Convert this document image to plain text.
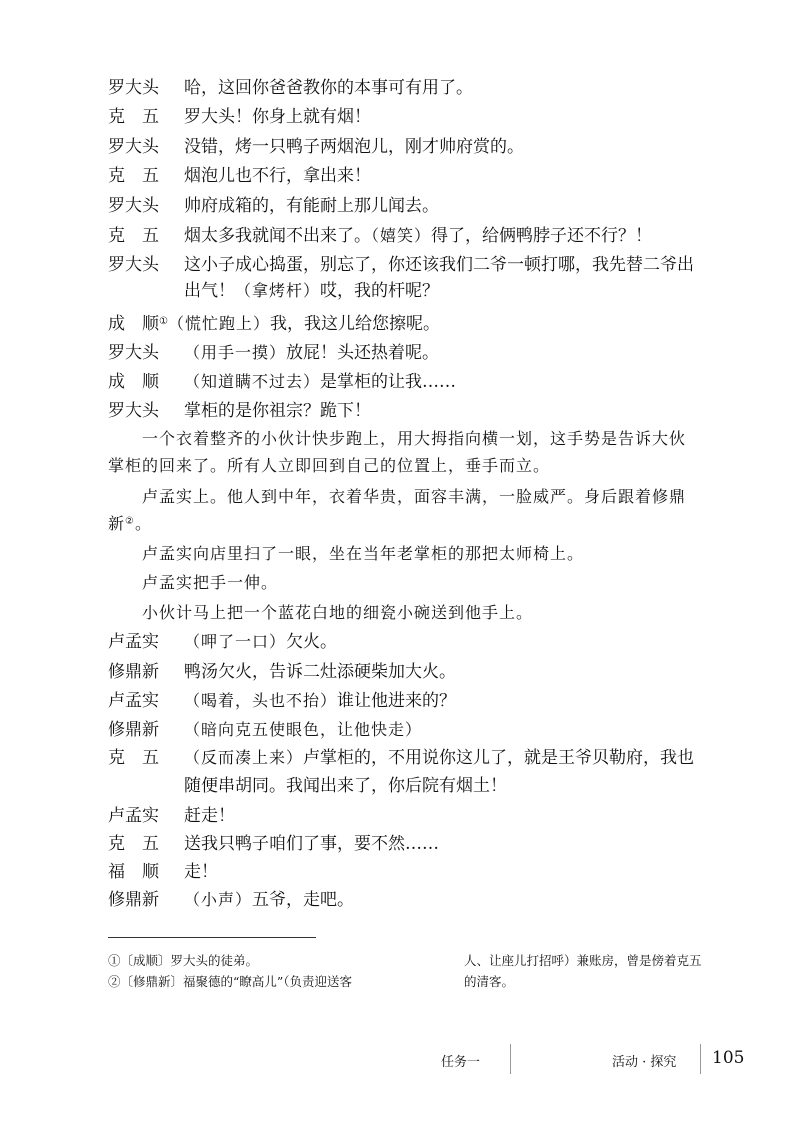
罗大头 哈，这回你爸爸教你的本事可有用了。
克　五 罗大头！你身上就有烟！
罗大头 没错，烤一只鸭子两烟泡儿，刚才帅府赏的。
克　五 烟泡儿也不行，拿出来！
罗大头 帅府成箱的，有能耐上那儿闻去。
克　五 烟太多我就闻不出来了。（嬉笑）得了，给俩鸭脖子还不行？！
罗大头 这小子成心捣蛋，别忘了，你还该我们二爷一顿打哪，我先替二爷出
出气！（拿烤杆）哎，我的杆呢？
成　顺①（慌忙跑上）我，我这儿给您擦呢。
罗大头 （用手一摸）放屁！头还热着呢。
成　顺 （知道瞒不过去）是掌柜的让我……
罗大头 掌柜的是你祖宗？跪下！
一个衣着整齐的小伙计快步跑上，用大拇指向横一划，这手势是告诉大伙
掌柜的回来了。所有人立即回到自己的位置上，垂手而立。
卢孟实上。他人到中年，衣着华贵，面容丰满，一脸威严。身后跟着修鼎
新②。
卢孟实向店里扫了一眼，坐在当年老掌柜的那把太师椅上。
卢孟实把手一伸。
小伙计马上把一个蓝花白地的细瓷小碗送到他手上。
卢孟实 （呷了一口）欠火。
修鼎新 鸭汤欠火，告诉二灶添硬柴加大火。
卢孟实 （喝着，头也不抬）谁让他进来的？
修鼎新 （暗向克五使眼色，让他快走）
克　五 （反而凑上来）卢掌柜的，不用说你这儿了，就是王爷贝勒府，我也
随便串胡同。我闻出来了，你后院有烟土！
卢孟实 赶走！
克　五 送我只鸭子咱们了事，要不然……
福　顺 走！
修鼎新 （小声）五爷，走吧。
①〔成顺〕罗大头的徒弟。
②〔修鼎新〕福聚德的“瞭高儿”（负责迎送客
人、让座儿打招呼）兼账房，曾是傍着克五
的清客。
任务一	活动 · 探究 105
